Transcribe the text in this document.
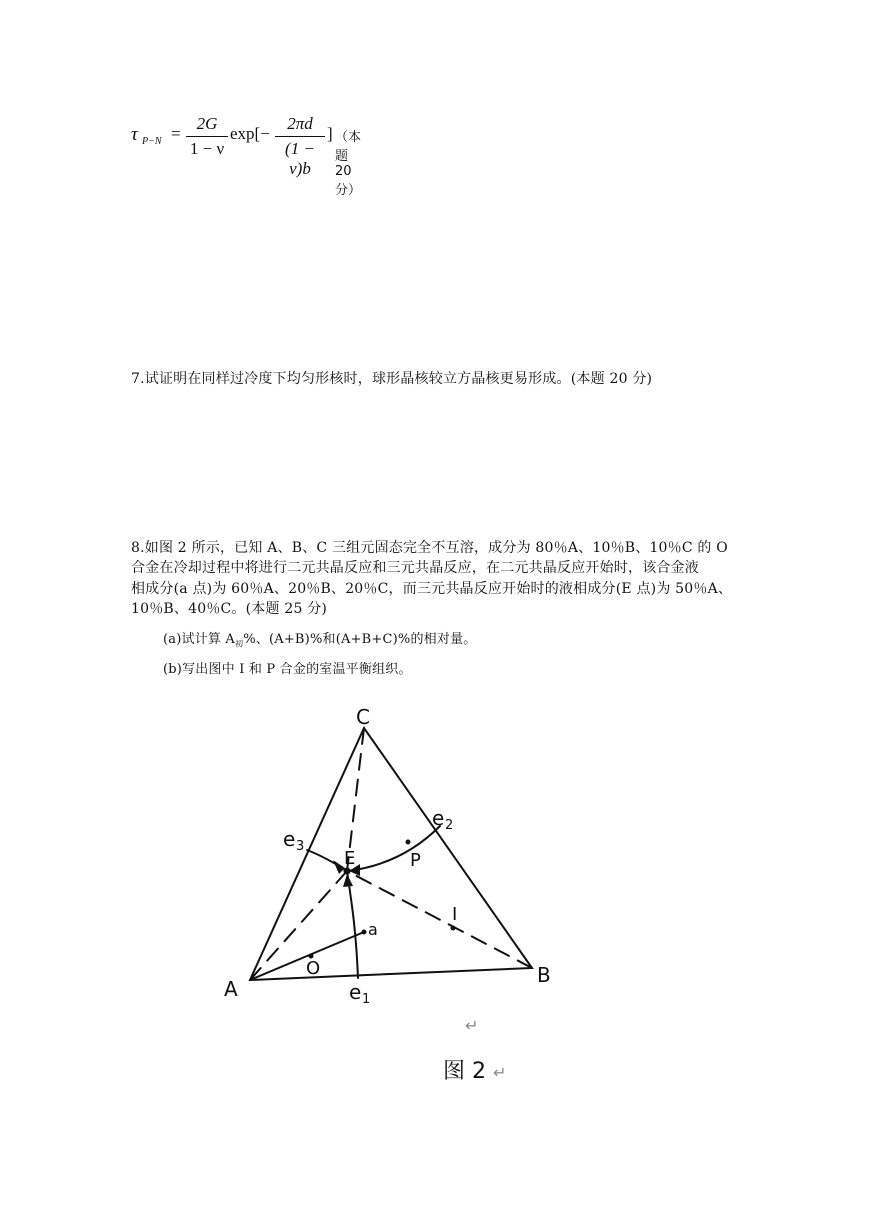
τ P−N =
2G
1 − ν
exp[−
2πd
(1 − ν)b
] （本题 20 分）
7.试证明在同样过冷度下均匀形核时，球形晶核较立方晶核更易形成。(本题 20 分)
8.如图 2 所示，已知 A、B、C 三组元固态完全不互溶，成分为 80％A、10％B、10％C 的 O
合金在冷却过程中将进行二元共晶反应和三元共晶反应，在二元共晶反应开始时，该合金液
相成分(a 点)为 60％A、20％B、20％C，而三元共晶反应开始时的液相成分(E 点)为 50％A、
10％B、40％C。(本题 25 分)
(a)试计算 $A_初\%$、(A+B)%和(A+B+C)%的相对量。
(b)写出图中 I 和 P 合金的室温平衡组织。
A
B
C
e 1
e 2
e 3
E
a
O
P
I
↵
图 2 ↵
